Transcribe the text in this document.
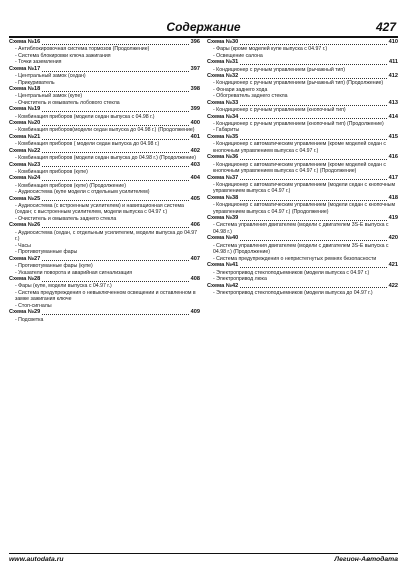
Содержание	427
Схема №16	396
- Антиблокировочная система тормозов (Продолжение)
- Система блокировки ключа зажигания
- Точки заземления
Схема №17	397
- Центральный замок (седан)
- Прикуриватель
Схема №18	398
- Центральный замок (купе)
- Очиститель и омыватель лобового стекла
Схема №19	399
- Комбинация приборов (модели седан выпуска с 04.98 г.)
Схема №20	400
- Комбинация приборов(модели седан выпуска до 04.98 г.) (Продолжение)
Схема №21	401
- Комбинация приборов ( модели седан выпуска до 04.98 г.)
Схема №22	402
- Комбинация приборов (модели седан выпуска до 04.98 г.) (Продолжение)
Схема №23	403
- Комбинация приборов (купе)
Схема №24	404
- Комбинация приборов (купе) (Продолжение)
- Аудиосистема (купе модели с отдельным усилителем)
Схема №25	405
- Аудиосистема (с встроенным усилителем) и навигационная система (седан; с выстроенным усилителем, модели выпуска с 04.97 г.)
- Очиститель и омыватель заднего стекла
Схема №26	406
- Аудиосистема (седан, с отдельным усилителем, модели выпуска до 04.97 г.)
- Часы
- Противотуманные фары
Схема №27	407
- Противотуманные фары (купе)
- Указатели поворота и аварийная сигнализация
Схема №28	408
- Фары (купе, модели выпуска с 04.97 г.)
- Система предупреждения о невыключенном освещении и оставленном в замке зажигания ключе
- Стоп-сигналы
Схема №29	409
- Подсветка
Схема №30	410
- Фары (кроме моделей купе выпуска с 04.97 г.)
- Освещение салона
Схема №31	411
- Кондиционер с ручным управлением (рычажный тип)
Схема №32	412
- Кондиционер с ручным управлением (рычажный тип) (Продолжение)
- Фонари заднего хода
- Обогреватель заднего стекла
Схема №33	413
- Кондиционер с ручным управлением (кнопочный тип)
Схема №34	414
- Кондиционер с ручным управлением (кнопочный тип) (Продолжение)
- Габариты
Схема №35	415
- Кондиционер с автоматическим управлением (кроме моделей седан с кнопочным управлением выпуска с 04.97 г.)
Схема №36	416
- Кондиционер с автоматическим управлением (кроме моделей седан с кнопочным управлением выпуска с 04.97 г.) (Продолжение)
Схема №37	417
- Кондиционер с автоматическим управлением (модели седан с кнопочным управлением выпуска с 04.97 г.)
Схема №38	418
- Кондиционер с автоматическим управлением (модели седан с кнопочным управлением выпуска с 04.97 г.) (Продолжение)
Схема №39	419
- Система управления двигателем (модели с двигателем 3S-E выпуска с 04.98 г.)
Схема №40	420
- Система управления двигателем (модели с двигателем 3S-E выпуска с 04.98 г.) (Продолжение)
- Система предупреждения о непристегнутых ремнях безопасности
Схема №41	421
- Электропривод стеклоподъемников (модели выпуска с 04.97 г.)
- Электропривод люка
Схема №42	422
- Электропривод стеклоподъемников (модели выпуска до 04.97 г.)
www.autodata.ru	Легион-Автодата
